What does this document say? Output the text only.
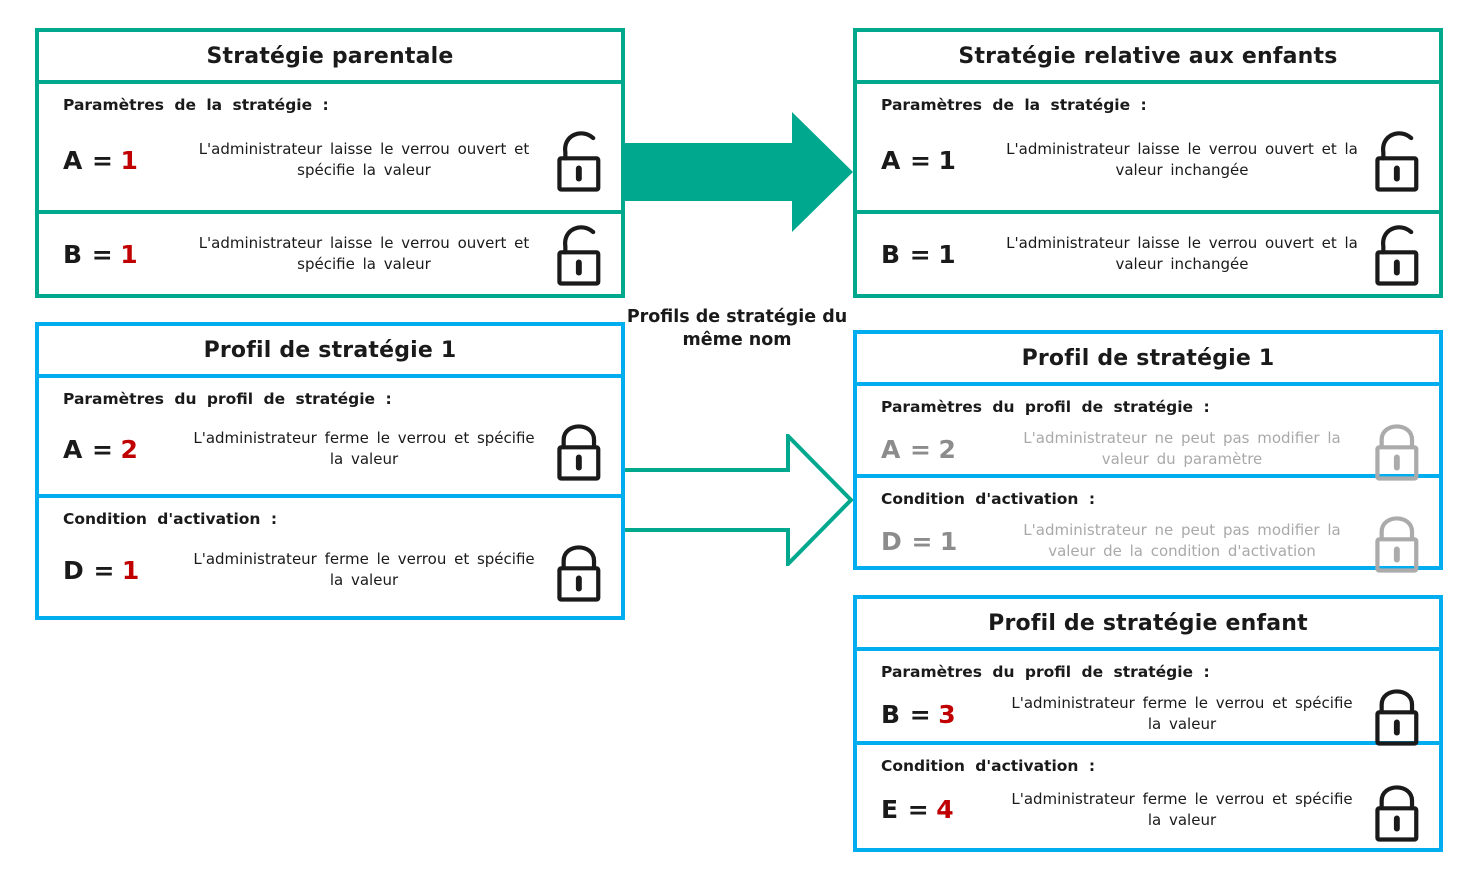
Profils de stratégie du même nom
Stratégie parentale
Paramètres de la stratégie :
A = 1	L'administrateur laisse le verrou ouvert et spécifie la valeur
B = 1	L'administrateur laisse le verrou ouvert et spécifie la valeur
Stratégie relative aux enfants
Paramètres de la stratégie :
A = 1	L'administrateur laisse le verrou ouvert et la valeur inchangée
B = 1	L'administrateur laisse le verrou ouvert et la valeur inchangée
Profil de stratégie 1
Paramètres du profil de stratégie :
A = 2	L'administrateur ferme le verrou et spécifie la valeur
Condition d'activation :
D = 1	L'administrateur ferme le verrou et spécifie la valeur
Profil de stratégie 1
Paramètres du profil de stratégie :
A = 2	L'administrateur ne peut pas modifier la valeur du paramètre
Condition d'activation :
D = 1	L'administrateur ne peut pas modifier la valeur de la condition d'activation
Profil de stratégie enfant
Paramètres du profil de stratégie :
B = 3	L'administrateur ferme le verrou et spécifie la valeur
Condition d'activation :
E = 4	L'administrateur ferme le verrou et spécifie la valeur
